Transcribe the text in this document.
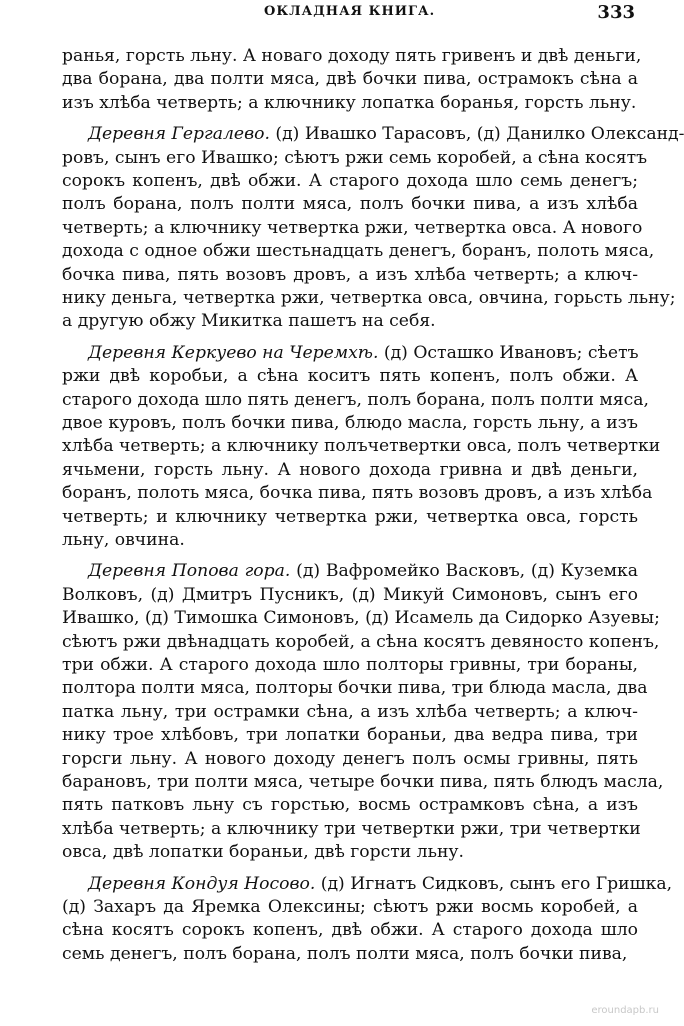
ОКЛАДНАЯ КНИГА.	333
ранья, горсть льну. А новаго доходу пять гривенъ и двѣ деньги,
два борана, два полти мяса, двѣ бочки пива, острамокъ сѣна а
изъ хлѣба четверть; а ключнику лопатка боранья, горсть льну.
Деревня Гергалево. (д) Ивашко Тарасовъ, (д) Данилко Олександ-
ровъ, сынъ его Ивашко; сѣютъ ржи семь коробей, а сѣна косятъ
сорокъ копенъ, двѣ обжи. А старого дохода шло семь денегъ;
полъ борана, полъ полти мяса, полъ бочки пива, а изъ хлѣба
четверть; а ключнику четвертка ржи, четвертка овса. А нового
дохода с одное обжи шестьнадцать денегъ, боранъ, полоть мяса,
бочка пива, пять возовъ дровъ, а изъ хлѣба четверть; а ключ-
нику деньга, четвертка ржи, четвертка овса, овчина, горьсть льну;
а другую обжу Микитка пашетъ на себя.
Деревня Керкуево на Черемхѣ. (д) Осташко Ивановъ; сѣетъ
ржи двѣ коробьи, а сѣна коситъ пять копенъ, полъ обжи. А
старого дохода шло пять денегъ, полъ борана, полъ полти мяса,
двое куровъ, полъ бочки пива, блюдо масла, горсть льну, а изъ
хлѣба четверть; а ключнику полъчетвертки овса, полъ четвертки
ячьмени, горсть льну. А нового дохода гривна и двѣ деньги,
боранъ, полоть мяса, бочка пива, пять возовъ дровъ, а изъ хлѣба
четверть; и ключнику четвертка ржи, четвертка овса, горсть
льну, овчина.
Деревня Попова гора. (д) Вафромейко Васковъ, (д) Куземка
Волковъ, (д) Дмитръ Пусникъ, (д) Микуй Симоновъ, сынъ его
Ивашко, (д) Тимошка Симоновъ, (д) Исамель да Сидорко Азуевы;
сѣютъ ржи двѣнадцать коробей, а сѣна косятъ девяносто копенъ,
три обжи. А старого дохода шло полторы гривны, три бораны,
полтора полти мяса, полторы бочки пива, три блюда масла, два
патка льну, три острамки сѣна, а изъ хлѣба четверть; а ключ-
нику трое хлѣбовъ, три лопатки бораньи, два ведра пива, три
горсги льну. А нового доходу денегъ полъ осмы гривны, пять
барановъ, три полти мяса, четыре бочки пива, пять блюдъ масла,
пять патковъ льну съ горстью, восмь острамковъ сѣна, а изъ
хлѣба четверть; а ключнику три четвертки ржи, три четвертки
овса, двѣ лопатки бораньи, двѣ горсти льну.
Деревня Кондуя Носово. (д) Игнатъ Сидковъ, сынъ его Гришка,
(д) Захаръ да Яремка Олексины; сѣютъ ржи восмь коробей, а
сѣна косятъ сорокъ копенъ, двѣ обжи. А старого дохода шло
семь денегъ, полъ борана, полъ полти мяса, полъ бочки пива,
eroundapb.ru
